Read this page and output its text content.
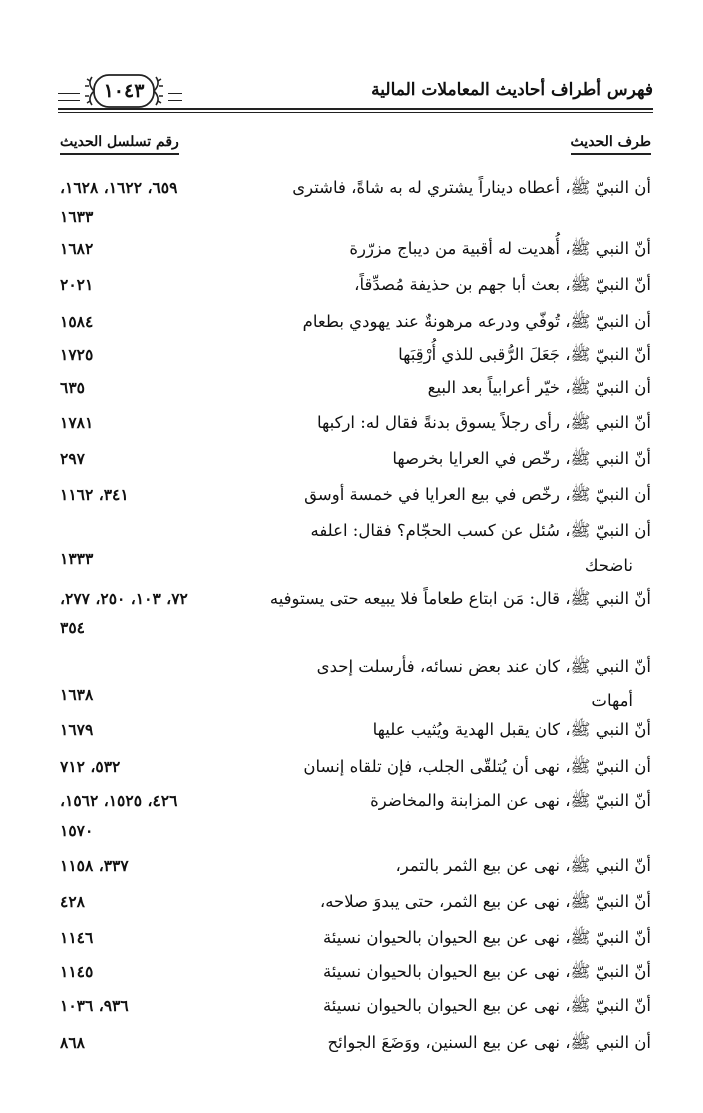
فهرس أطراف أحاديث المعاملات المالية
١٠٤٣
طرف الحديث
رقم تسلسل الحديث
أن النبيّ ﷺ، أعطاه ديناراً يشتري له به شاةً، فاشترى
٦٥٩، ١٦٢٢، ١٦٢٨،
١٦٣٣
أنّ النبي ﷺ، أُهديت له أقبية من ديباج مزرّرة
١٦٨٢
أنّ النبيّ ﷺ، بعث أبا جهم بن حذيفة مُصدِّقاً،
٢٠٢١
أن النبيّ ﷺ، تُوفّي ودرعه مرهونةٌ عند يهودي بطعام
١٥٨٤
أنّ النبيّ ﷺ، جَعَلَ الرُّقبى للذي أُرْقِبَها
١٧٢٥
أن النبيّ ﷺ، خيّر أعرابياً بعد البيع
٦٣٥
أنّ النبي ﷺ، رأى رجلاً يسوق بدنةً فقال له: اركبها
١٧٨١
أنّ النبي ﷺ، رخّص في العرايا بخرصها
٢٩٧
أن النبيّ ﷺ، رخّص في بيع العرايا في خمسة أوسق
٣٤١، ١١٦٢
أن النبيّ ﷺ، سُئل عن كسب الحجّام؟ فقال: اعلفه
١٣٣٣	ناضحك
أنّ النبي ﷺ، قال: مَن ابتاع طعاماً فلا يبيعه حتى يستوفيه
٧٢، ١٠٣، ٢٥٠، ٢٧٧،
٣٥٤
أنّ النبي ﷺ، كان عند بعض نسائه، فأرسلت إحدى
١٦٣٨	أمهات
أنّ النبي ﷺ، كان يقبل الهدية ويُثيب عليها
١٦٧٩
أن النبيّ ﷺ، نهى أن يُتلقّى الجلب، فإن تلقاه إنسان
٥٣٢، ٧١٢
أنّ النبيّ ﷺ، نهى عن المزابنة والمخاضرة
٤٢٦، ١٥٢٥، ١٥٦٢،
١٥٧٠
أنّ النبي ﷺ، نهى عن بيع الثمر بالتمر،
٣٣٧، ١١٥٨
أنّ النبيّ ﷺ، نهى عن بيع الثمر، حتى يبدوَ صلاحه،
٤٢٨
أنّ النبيّ ﷺ، نهى عن بيع الحيوان بالحيوان نسيئة
١١٤٦
أنّ النبيّ ﷺ، نهى عن بيع الحيوان بالحيوان نسيئة
١١٤٥
أنّ النبيّ ﷺ، نهى عن بيع الحيوان بالحيوان نسيئة
٩٣٦، ١٠٣٦
أن النبي ﷺ، نهى عن بيع السنين، ووَضَعَ الجوائح
٨٦٨
